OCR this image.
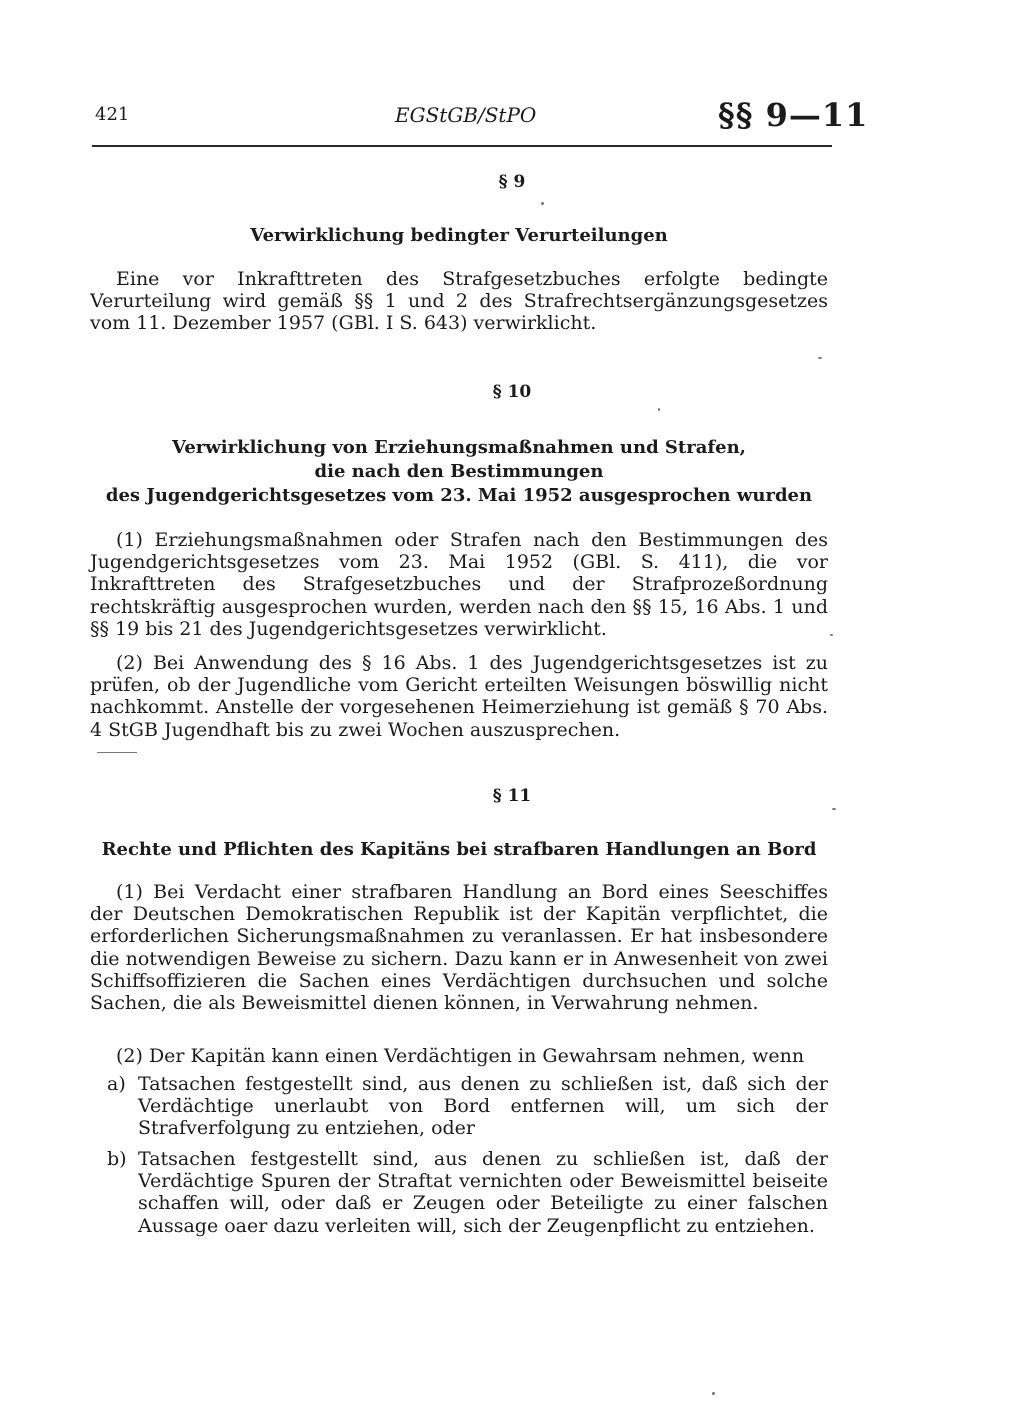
421	EGStGB/StPO	§§ 9—11
§ 9
Verwirklichung bedingter Verurteilungen

Eine vor Inkrafttreten des Strafgesetzbuches erfolgte bedingte Verurteilung wird gemäß §§ 1 und 2 des Strafrechtsergänzungsgesetzes vom 11. Dezember 1957 (GBl. I S. 643) verwirklicht.

§ 10
Verwirklichung von Erziehungsmaßnahmen und Strafen,
die nach den Bestimmungen
des Jugendgerichtsgesetzes vom 23. Mai 1952 ausgesprochen wurden

(1) Erziehungsmaßnahmen oder Strafen nach den Bestimmungen des Jugendgerichtsgesetzes vom 23. Mai 1952 (GBl. S. 411), die vor Inkrafttreten des Strafgesetzbuches und der Strafprozeßordnung rechtskräftig ausgesprochen wurden, werden nach den §§ 15, 16 Abs. 1 und §§ 19 bis 21 des Jugendgerichtsgesetzes verwirklicht.

(2) Bei Anwendung des § 16 Abs. 1 des Jugendgerichtsgesetzes ist zu prüfen, ob der Jugendliche vom Gericht erteilten Weisungen böswillig nicht nachkommt. Anstelle der vorgesehenen Heimerziehung ist gemäß § 70 Abs. 4 StGB Jugendhaft bis zu zwei Wochen auszusprechen.

§ 11
Rechte und Pflichten des Kapitäns bei strafbaren Handlungen an Bord

(1) Bei Verdacht einer strafbaren Handlung an Bord eines Seeschiffes der Deutschen Demokratischen Republik ist der Kapitän verpflichtet, die erforderlichen Sicherungsmaßnahmen zu veranlassen. Er hat insbesondere die notwendigen Beweise zu sichern. Dazu kann er in Anwesenheit von zwei Schiffsoffizieren die Sachen eines Verdächtigen durchsuchen und solche Sachen, die als Beweismittel dienen können, in Verwahrung nehmen.

(2) Der Kapitän kann einen Verdächtigen in Gewahrsam nehmen, wenn

a) Tatsachen festgestellt sind, aus denen zu schließen ist, daß sich der Verdächtige unerlaubt von Bord entfernen will, um sich der Strafverfolgung zu entziehen, oder

b) Tatsachen festgestellt sind, aus denen zu schließen ist, daß der Verdächtige Spuren der Straftat vernichten oder Beweismittel beiseite schaffen will, oder daß er Zeugen oder Beteiligte zu einer falschen Aussage oaer dazu verleiten will, sich der Zeugenpflicht zu entziehen.
